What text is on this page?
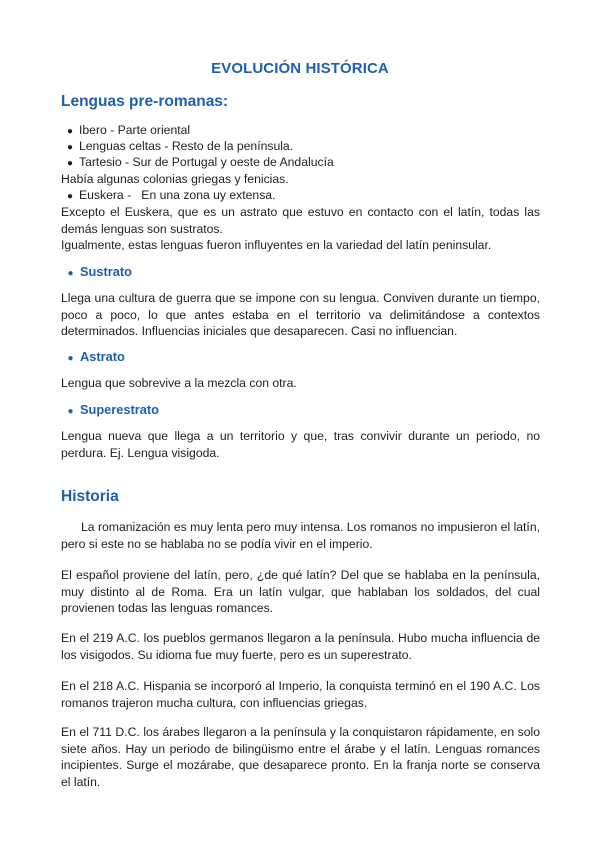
EVOLUCIÓN HISTÓRICA
Lenguas pre-romanas:
● Ibero - Parte oriental
● Lenguas celtas - Resto de la península.
● Tartesio - Sur de Portugal y oeste de Andalucía

Había algunas colonias griegas y fenicias.

● Euskera -   En una zona uy extensa.

Excepto el Euskera, que es un astrato que estuvo en contacto con el latín, todas las demás lenguas son sustratos.

Igualmente, estas lenguas fueron influyentes en la variedad del latín peninsular.

● Sustrato

Llega una cultura de guerra que se impone con su lengua. Conviven durante un tiempo, poco a poco, lo que antes estaba en el territorio va delimitándose a contextos determinados. Influencias iniciales que desaparecen. Casi no influencian.

● Astrato

Lengua que sobrevive a la mezcla con otra.

● Superestrato

Lengua nueva que llega a un territorio y que, tras convivir durante un periodo, no perdura. Ej. Lengua visigoda.

Historia

La romanización es muy lenta pero muy intensa. Los romanos no impusieron el latín, pero si este no se hablaba no se podía vivir en el imperio.

El español proviene del latín, pero, ¿de qué latín? Del que se hablaba en la península, muy distinto al de Roma. Era un latín vulgar, que hablaban los soldados, del cual provienen todas las lenguas romances.

En el 219 A.C. los pueblos germanos llegaron a la península. Hubo mucha influencia de los visigodos. Su idioma fue muy fuerte, pero es un superestrato.

En el 218 A.C. Hispania se incorporó al Imperio, la conquista terminó en el 190 A.C. Los romanos trajeron mucha cultura, con influencias griegas.

En el 711 D.C. los árabes llegaron a la península y la conquistaron rápidamente, en solo siete años. Hay un periodo de bilingüismo entre el árabe y el latín. Lenguas romances incipientes. Surge el mozárabe, que desaparece pronto. En la franja norte se conserva el latín.
